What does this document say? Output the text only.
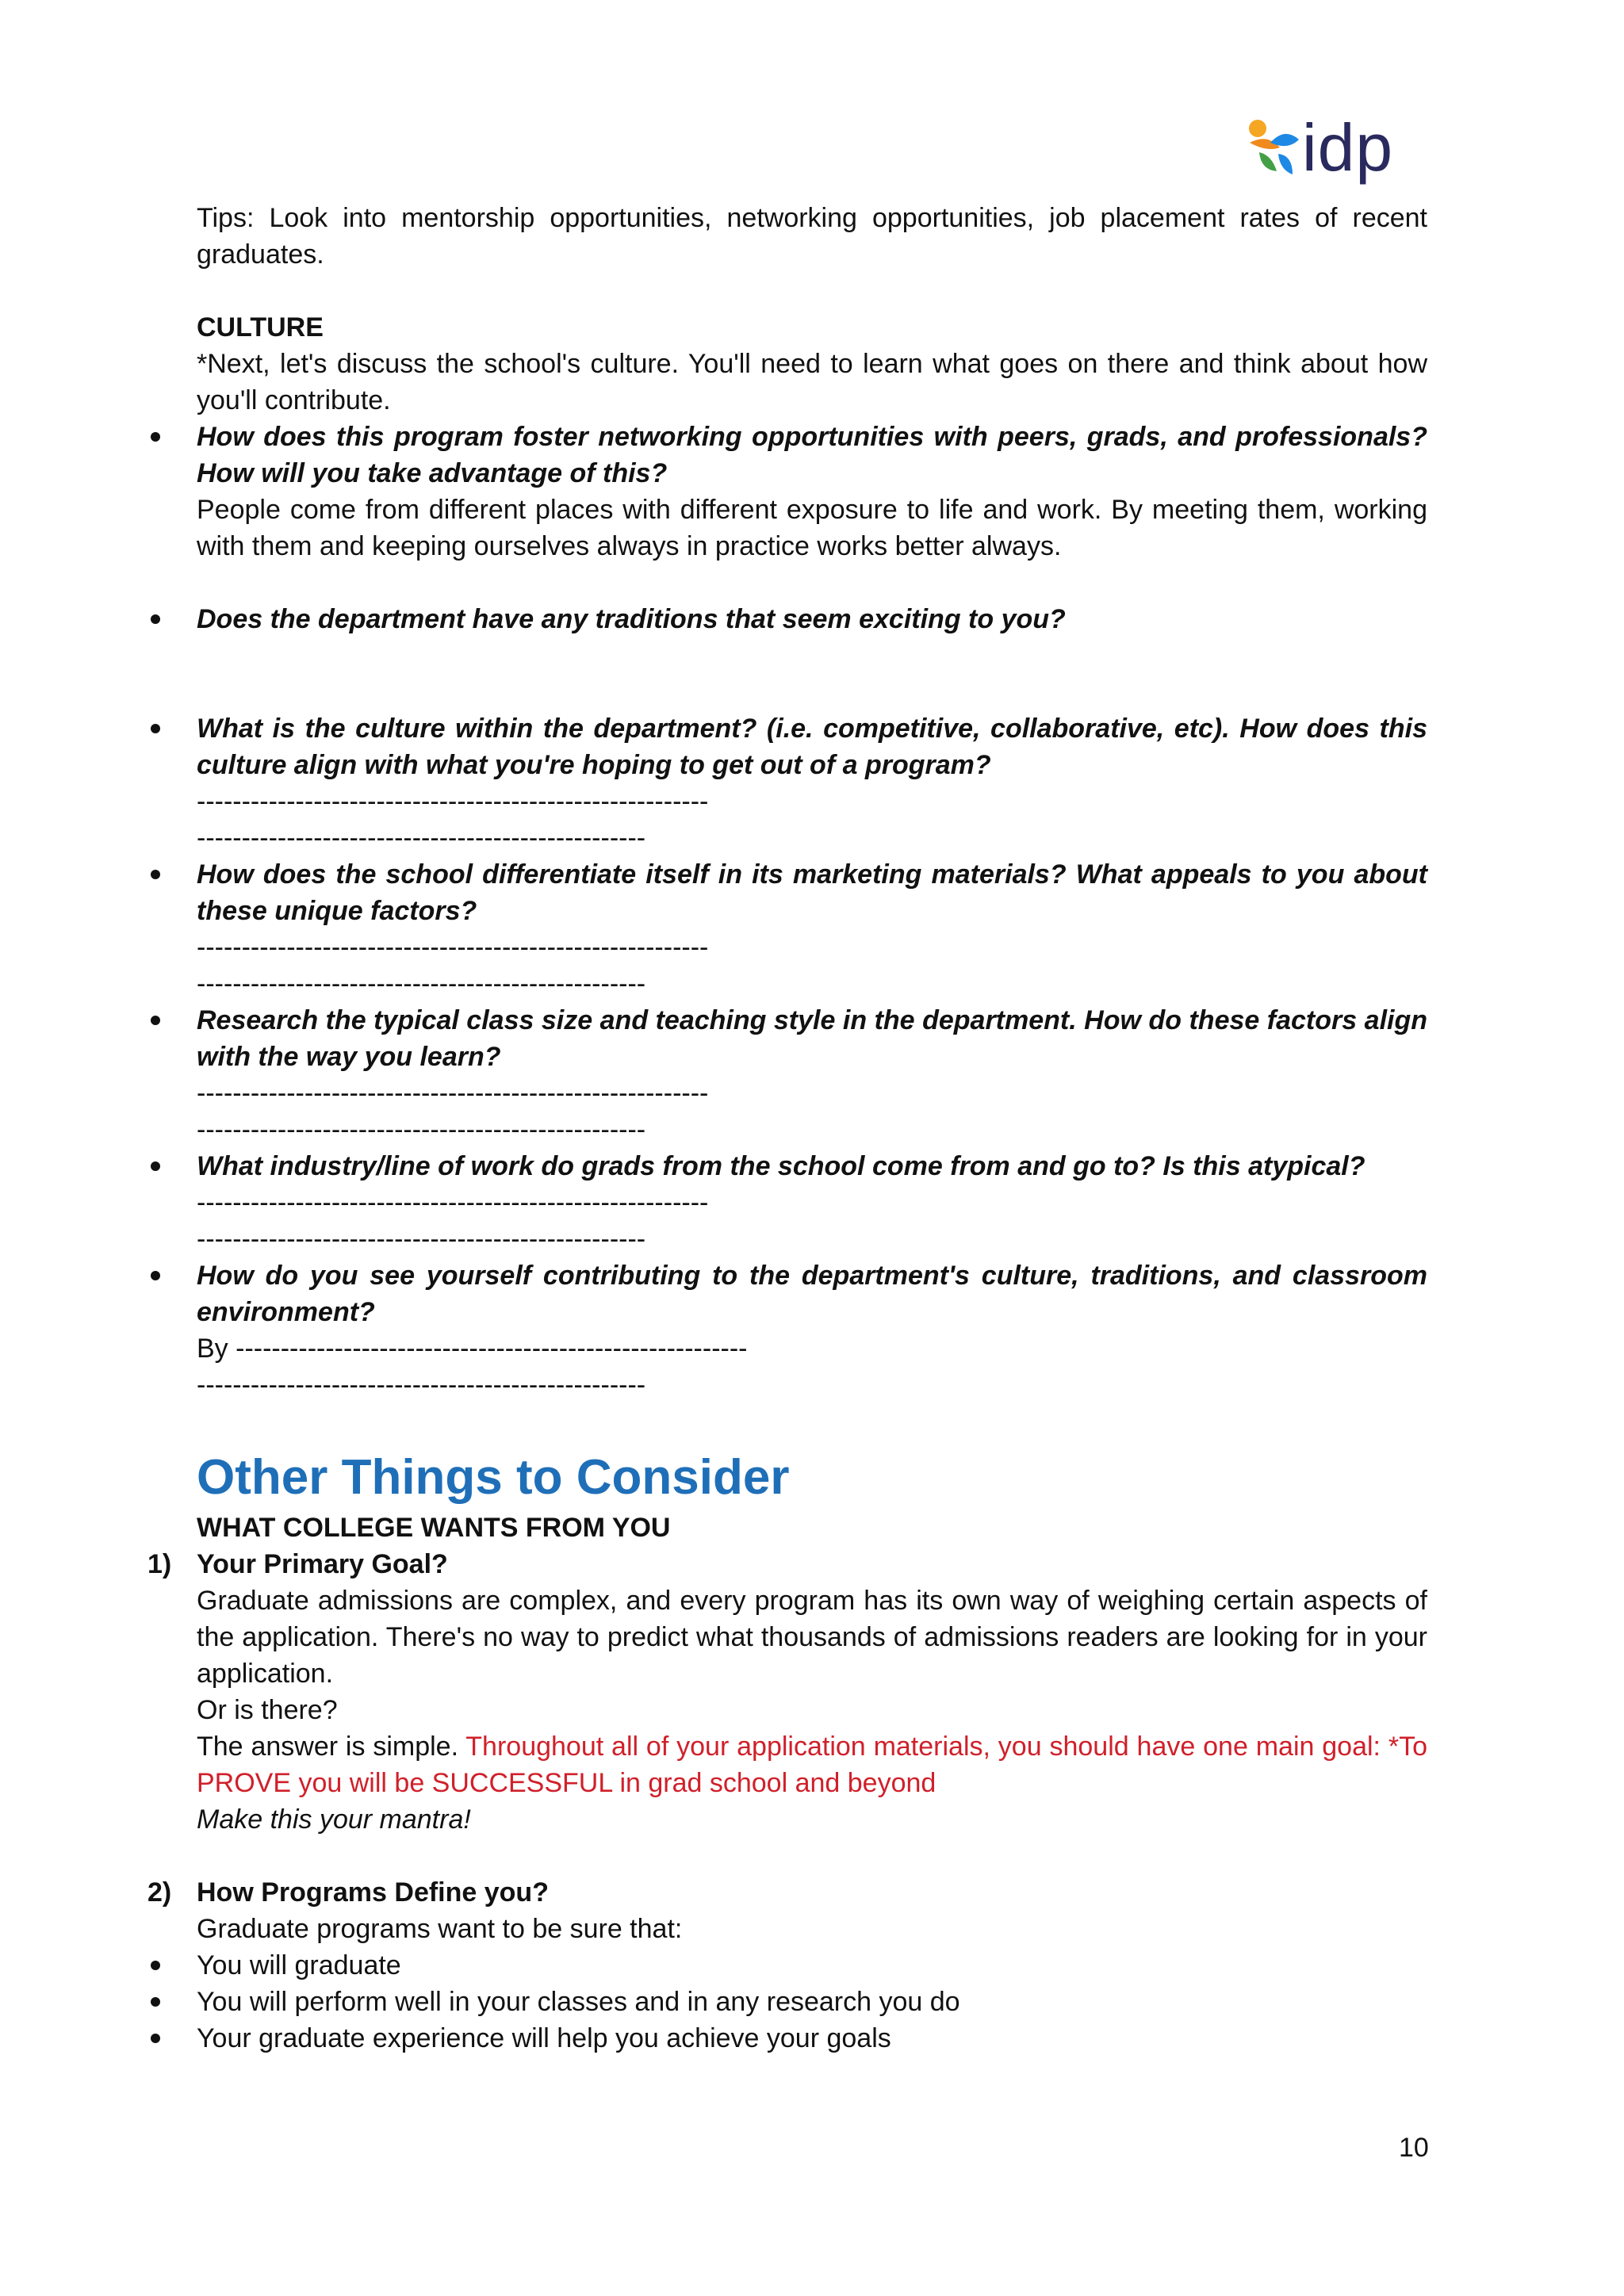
idp

Tips: Look into mentorship opportunities, networking opportunities, job placement rates of recent graduates.

CULTURE

*Next, let's discuss the school's culture. You'll need to learn what goes on there and think about how you'll contribute.

How does this program foster networking opportunities with peers, grads, and professionals? How will you take advantage of this?

People come from different places with different exposure to life and work. By meeting them, working with them and keeping ourselves always in practice works better always.

Does the department have any traditions that seem exciting to you?

What is the culture within the department? (i.e. competitive, collaborative, etc). How does this culture align with what you're hoping to get out of a program?

---------------------------------------------------------

--------------------------------------------------

How does the school differentiate itself in its marketing materials? What appeals to you about these unique factors?

---------------------------------------------------------

--------------------------------------------------

Research the typical class size and teaching style in the department. How do these factors align with the way you learn?

---------------------------------------------------------

--------------------------------------------------

What industry/line of work do grads from the school come from and go to? Is this atypical?

---------------------------------------------------------

--------------------------------------------------

How do you see yourself contributing to the department's culture, traditions, and classroom environment?

By ---------------------------------------------------------

--------------------------------------------------

Other Things to Consider

WHAT COLLEGE WANTS FROM YOU

1) Your Primary Goal?

Graduate admissions are complex, and every program has its own way of weighing certain aspects of the application. There's no way to predict what thousands of admissions readers are looking for in your application.

Or is there?

The answer is simple. Throughout all of your application materials, you should have one main goal: *To PROVE you will be SUCCESSFUL in grad school and beyond

Make this your mantra!

2) How Programs Define you?

Graduate programs want to be sure that:

You will graduate

You will perform well in your classes and in any research you do

Your graduate experience will help you achieve your goals

10
